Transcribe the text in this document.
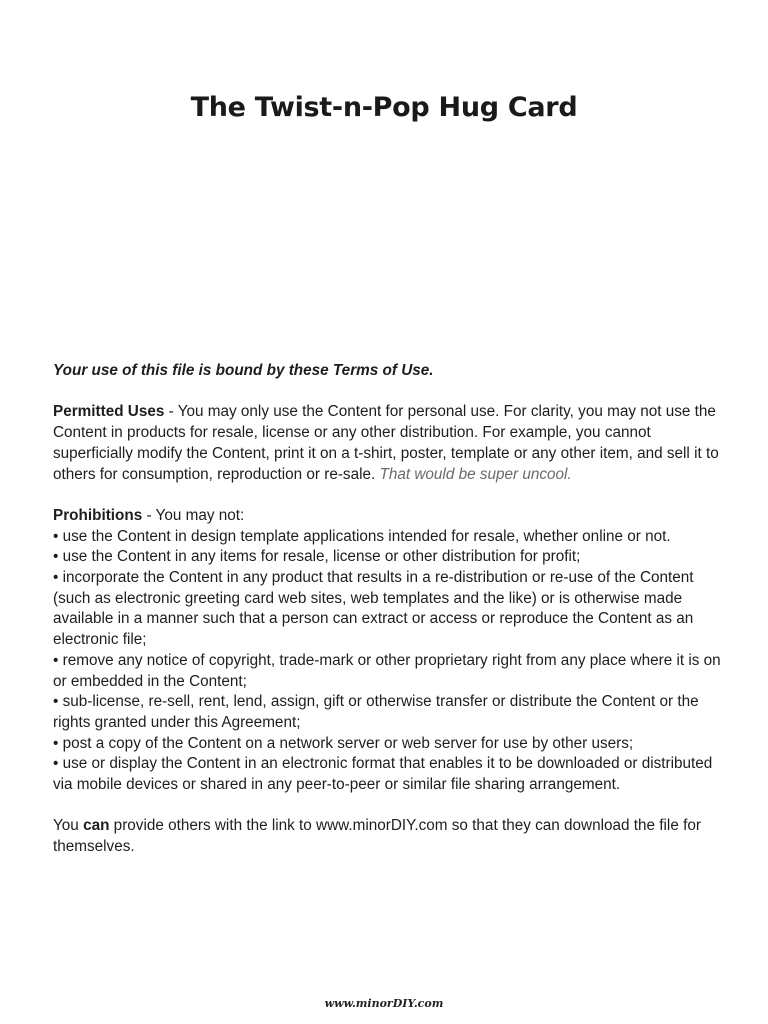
The Twist-n-Pop Hug Card

Your use of this file is bound by these Terms of Use.

Permitted Uses - You may only use the Content for personal use. For clarity, you may not use the Content in products for resale, license or any other distribution. For example, you cannot superficially modify the Content, print it on a t-shirt, poster, template or any other item, and sell it to others for consumption, reproduction or re-sale. That would be super uncool.

Prohibitions - You may not:
• use the Content in design template applications intended for resale, whether online or not.
• use the Content in any items for resale, license or other distribution for profit;
• incorporate the Content in any product that results in a re-distribution or re-use of the Content (such as electronic greeting card web sites, web templates and the like) or is otherwise made available in a manner such that a person can extract or access or reproduce the Content as an electronic file;
• remove any notice of copyright, trade-mark or other proprietary right from any place where it is on or embedded in the Content;
• sub-license, re-sell, rent, lend, assign, gift or otherwise transfer or distribute the Content or the rights granted under this Agreement;
• post a copy of the Content on a network server or web server for use by other users;
• use or display the Content in an electronic format that enables it to be downloaded or distributed via mobile devices or shared in any peer-to-peer or similar file sharing arrangement.

You can provide others with the link to www.minorDIY.com so that they can download the file for themselves.

www.minorDIY.com
